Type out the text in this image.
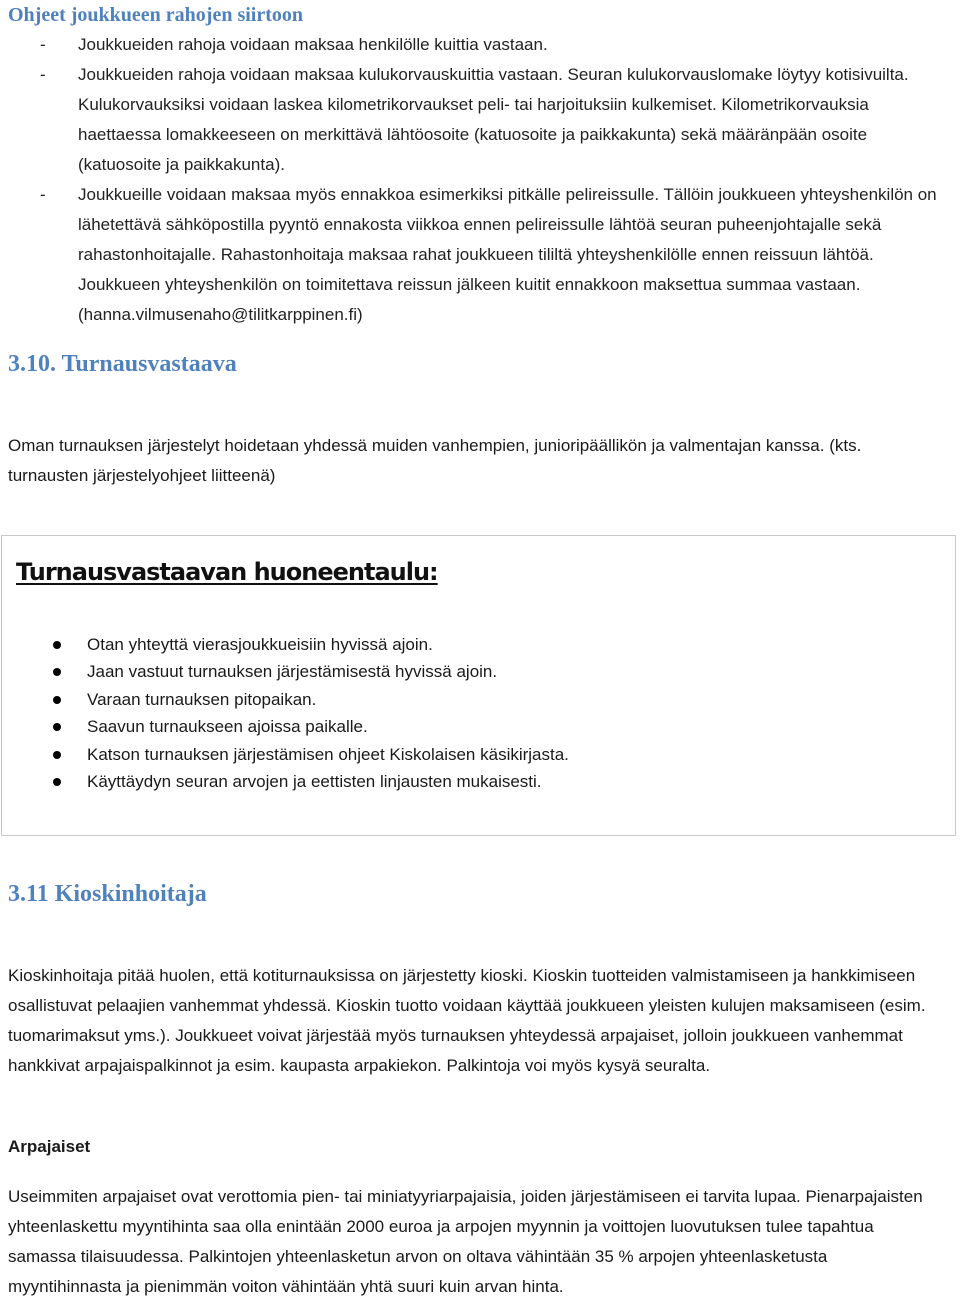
Ohjeet joukkueen rahojen siirtoon
- Joukkueiden rahoja voidaan maksaa henkilölle kuittia vastaan.
- Joukkueiden rahoja voidaan maksaa kulukorvauskuittia vastaan. Seuran kulukorvauslomake löytyy kotisivuilta. Kulukorvauksiksi voidaan laskea kilometrikorvaukset peli- tai harjoituksiin kulkemiset. Kilometrikorvauksia haettaessa lomakkeeseen on merkittävä lähtöosoite (katuosoite ja paikkakunta) sekä määränpään osoite (katuosoite ja paikkakunta).
- Joukkueille voidaan maksaa myös ennakkoa esimerkiksi pitkälle pelireissulle. Tällöin joukkueen yhteyshenkilön on lähetettävä sähköpostilla pyyntö ennakosta viikkoa ennen pelireissulle lähtöä seuran puheenjohtajalle sekä rahastonhoitajalle. Rahastonhoitaja maksaa rahat joukkueen tililtä yhteyshenkilölle ennen reissuun lähtöä. Joukkueen yhteyshenkilön on toimitettava reissun jälkeen kuitit ennakkoon maksettua summaa vastaan. (hanna.vilmusenaho@tilitkarppinen.fi)
3.10. Turnausvastaava

Oman turnauksen järjestelyt hoidetaan yhdessä muiden vanhempien, junioripäällikön ja valmentajan kanssa. (kts. turnausten järjestelyohjeet liitteenä)

Turnausvastaavan huoneentaulu:
Otan yhteyttä vierasjoukkueisiin hyvissä ajoin.
Jaan vastuut turnauksen järjestämisestä hyvissä ajoin.
Varaan turnauksen pitopaikan.
Saavun turnaukseen ajoissa paikalle.
Katson turnauksen järjestämisen ohjeet Kiskolaisen käsikirjasta.
Käyttäydyn seuran arvojen ja eettisten linjausten mukaisesti.
3.11 Kioskinhoitaja

Kioskinhoitaja pitää huolen, että kotiturnauksissa on järjestetty kioski. Kioskin tuotteiden valmistamiseen ja hankkimiseen osallistuvat pelaajien vanhemmat yhdessä. Kioskin tuotto voidaan käyttää joukkueen yleisten kulujen maksamiseen (esim. tuomarimaksut yms.). Joukkueet voivat järjestää myös turnauksen yhteydessä arpajaiset, jolloin joukkueen vanhemmat hankkivat arpajaispalkinnot ja esim. kaupasta arpakiekon. Palkintoja voi myös kysyä seuralta.

Arpajaiset

Useimmiten arpajaiset ovat verottomia pien- tai miniatyyriarpajaisia, joiden järjestämiseen ei tarvita lupaa. Pienarpajaisten yhteenlaskettu myyntihinta saa olla enintään 2000 euroa ja arpojen myynnin ja voittojen luovutuksen tulee tapahtua samassa tilaisuudessa. Palkintojen yhteenlasketun arvon on oltava vähintään 35 % arpojen yhteenlasketusta myyntihinnasta ja pienimmän voiton vähintään yhtä suuri kuin arvan hinta.
